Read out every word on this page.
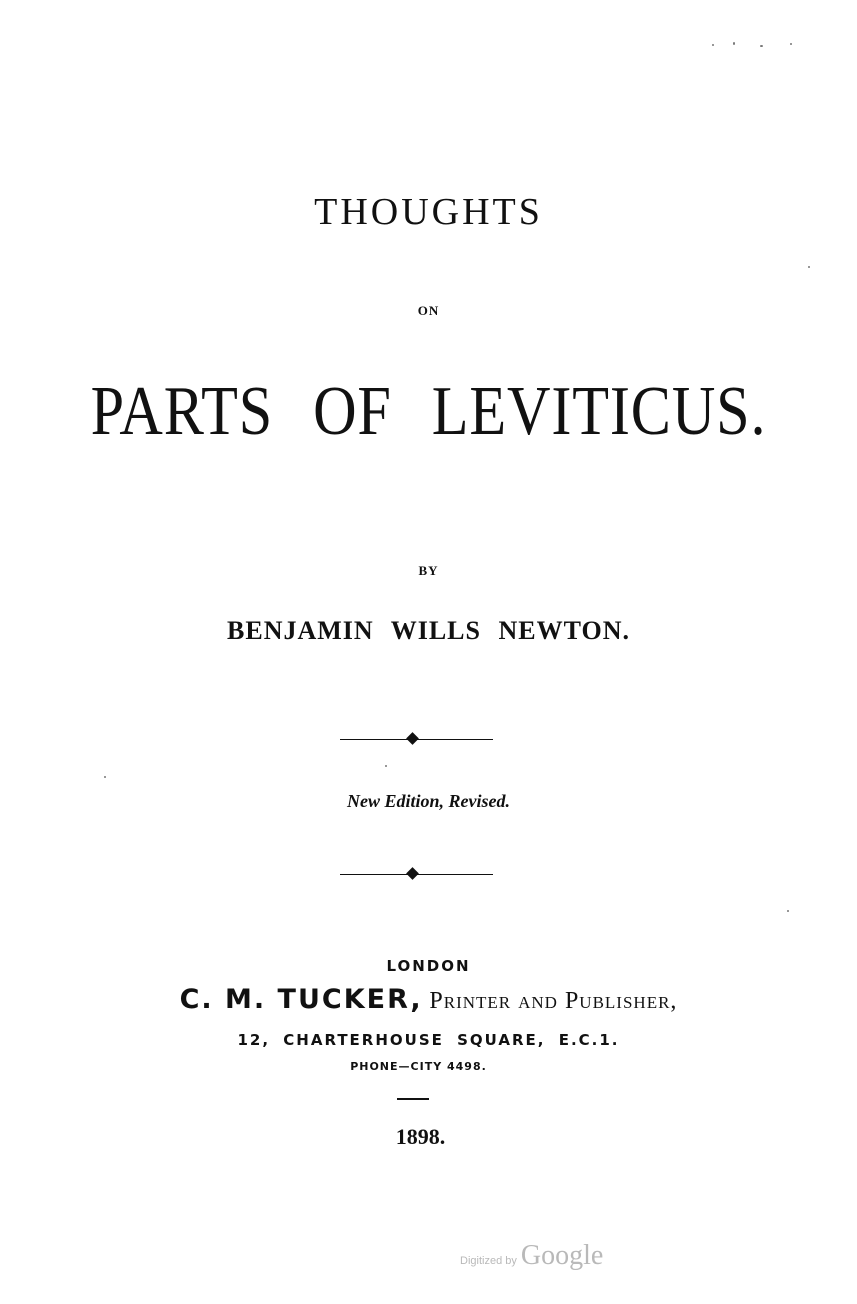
THOUGHTS
ON
PARTS OF LEVITICUS.
BY
BENJAMIN WILLS NEWTON.
New Edition, Revised.
LONDON
C. M. TUCKER, Printer and Publisher,
12, CHARTERHOUSE SQUARE, E.C.1.
PHONE—CITY 4498.
1898.
Digitized by Google
